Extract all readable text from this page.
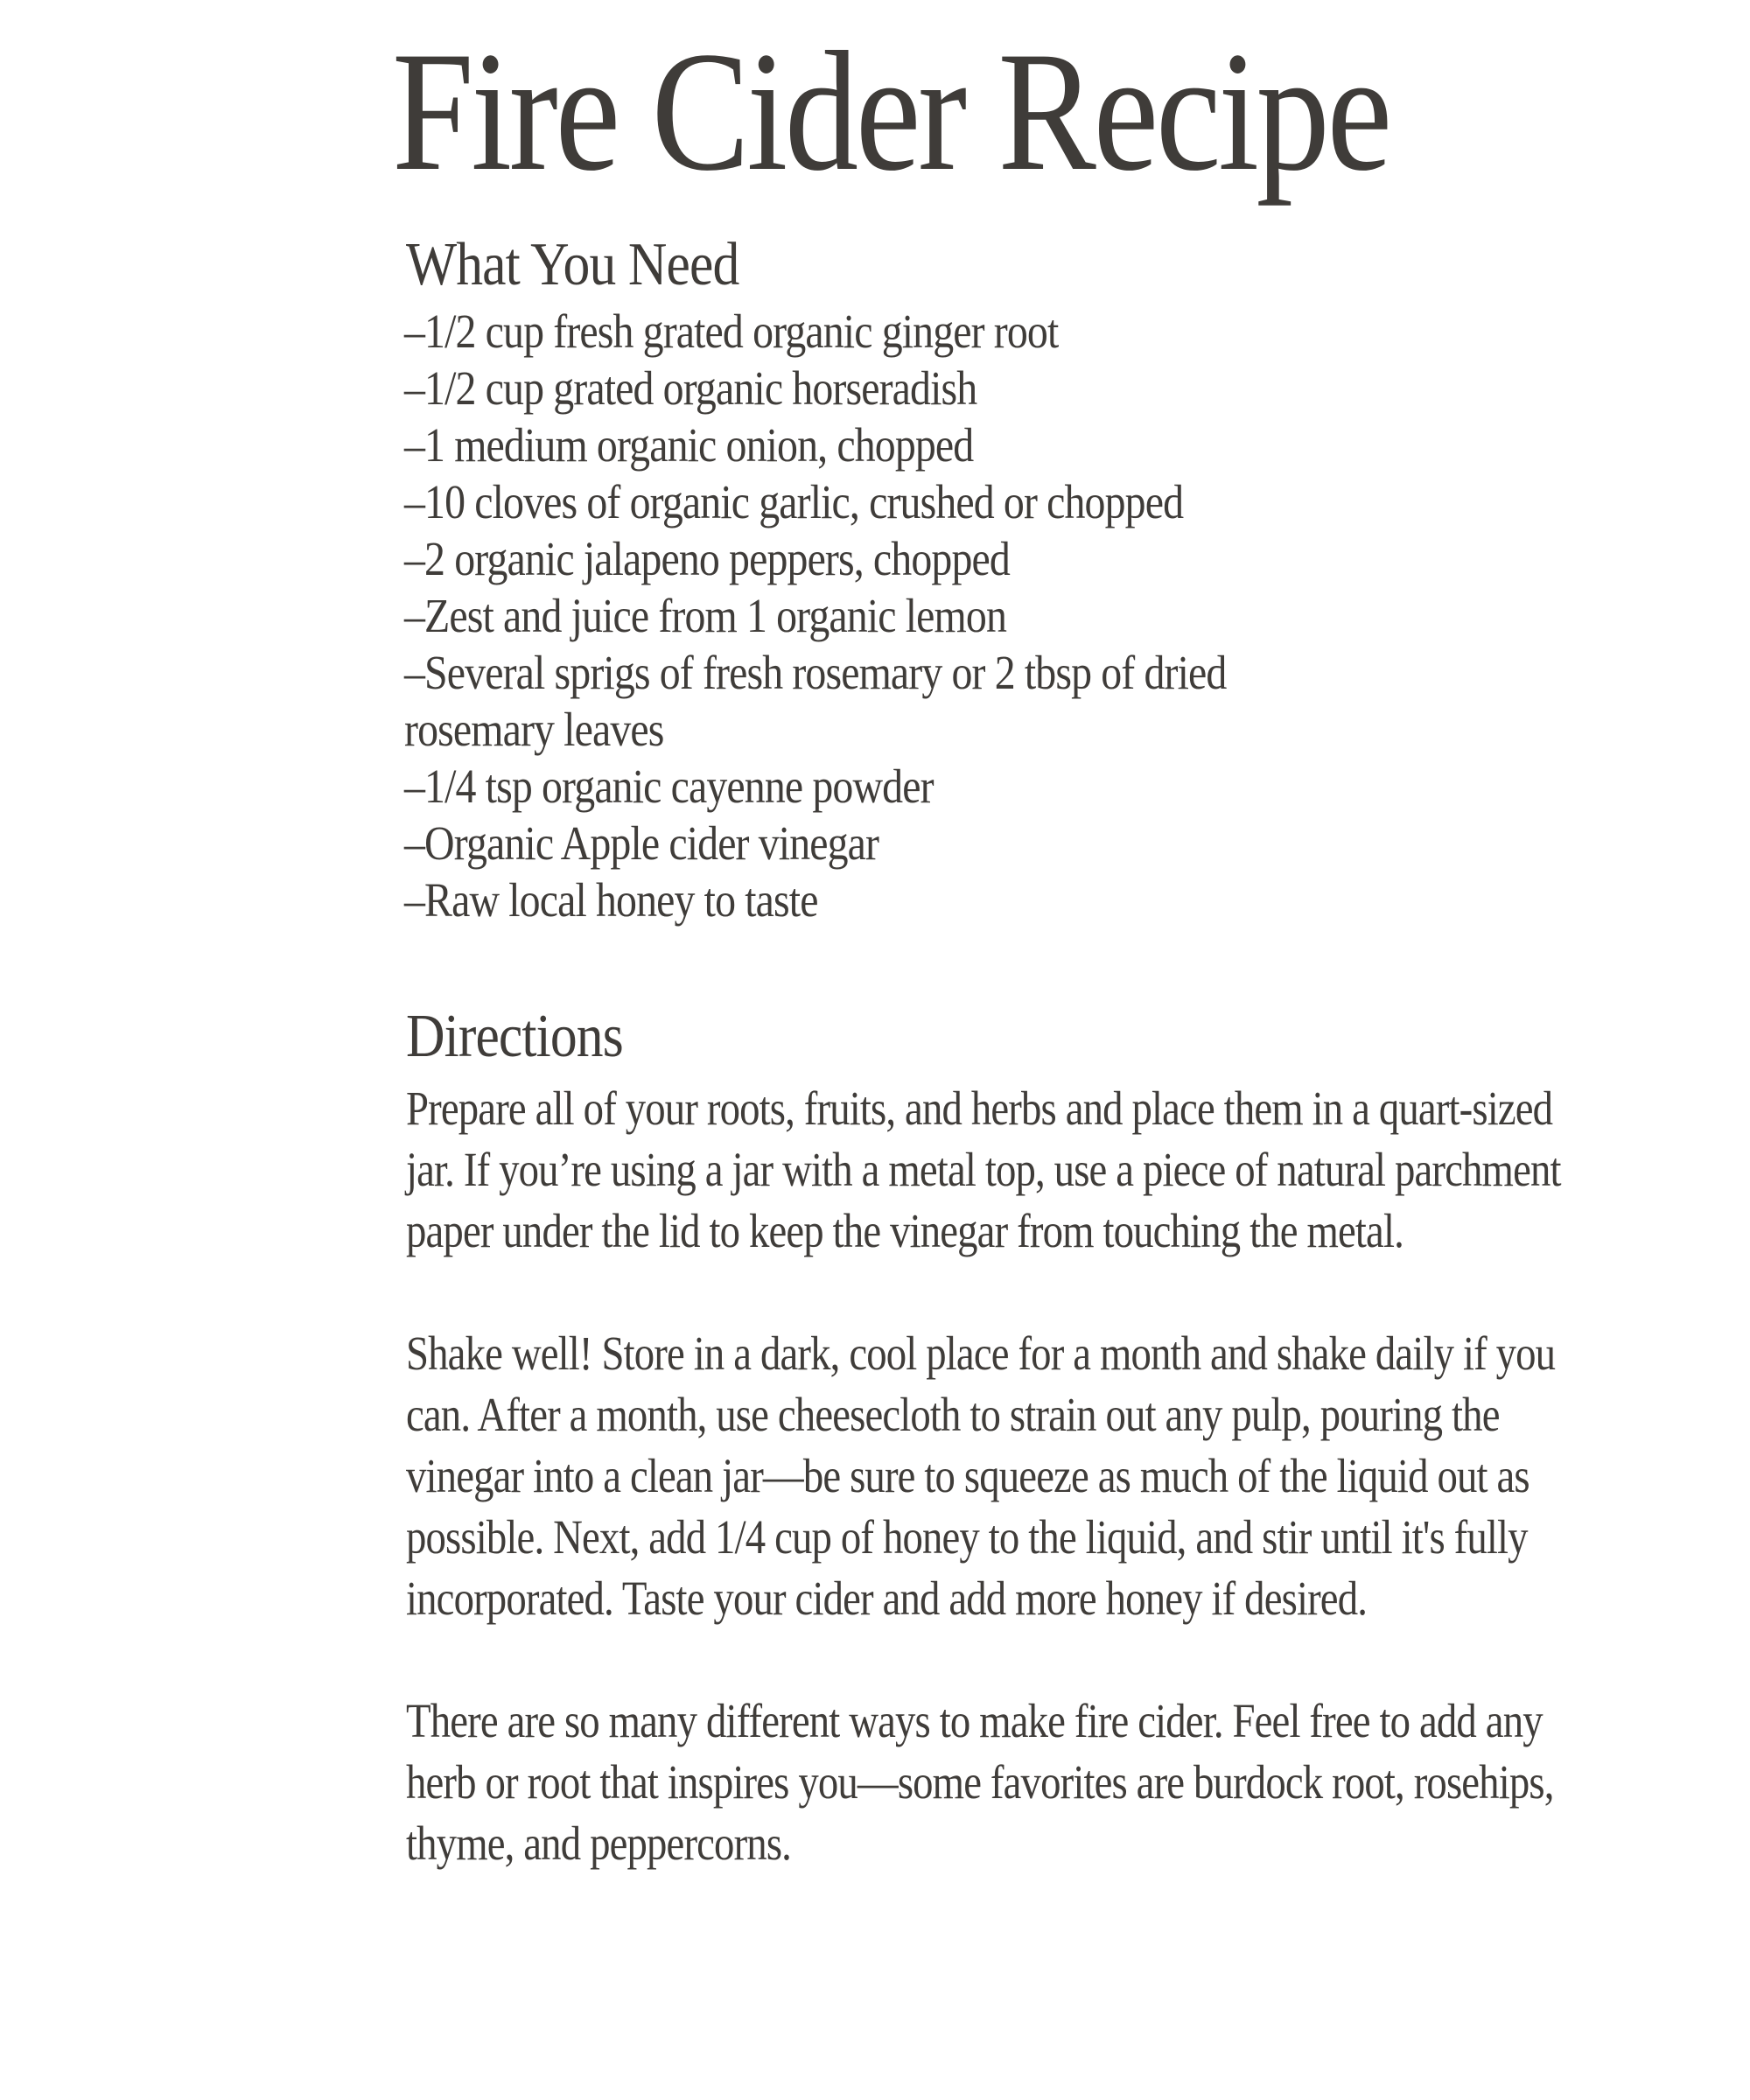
Fire Cider Recipe
What You Need
–1/2 cup fresh grated organic ginger root
–1/2 cup grated organic horseradish
–1 medium organic onion, chopped
–10 cloves of organic garlic, crushed or chopped
–2 organic jalapeno peppers, chopped
–Zest and juice from 1 organic lemon
–Several sprigs of fresh rosemary or 2 tbsp of dried rosemary leaves
–1/4 tsp organic cayenne powder
–Organic Apple cider vinegar
–Raw local honey to taste
Directions

Prepare all of your roots, fruits, and herbs and place them in a quart-sized jar. If you’re using a jar with a metal top, use a piece of natural parchment paper under the lid to keep the vinegar from touching the metal.

Shake well! Store in a dark, cool place for a month and shake daily if you can. After a month, use cheesecloth to strain out any pulp, pouring the vinegar into a clean jar—be sure to squeeze as much of the liquid out as possible. Next, add 1/4 cup of honey to the liquid, and stir until it's fully incorporated. Taste your cider and add more honey if desired.

There are so many different ways to make fire cider. Feel free to add any herb or root that inspires you—some favorites are burdock root, rosehips, thyme, and peppercorns.
